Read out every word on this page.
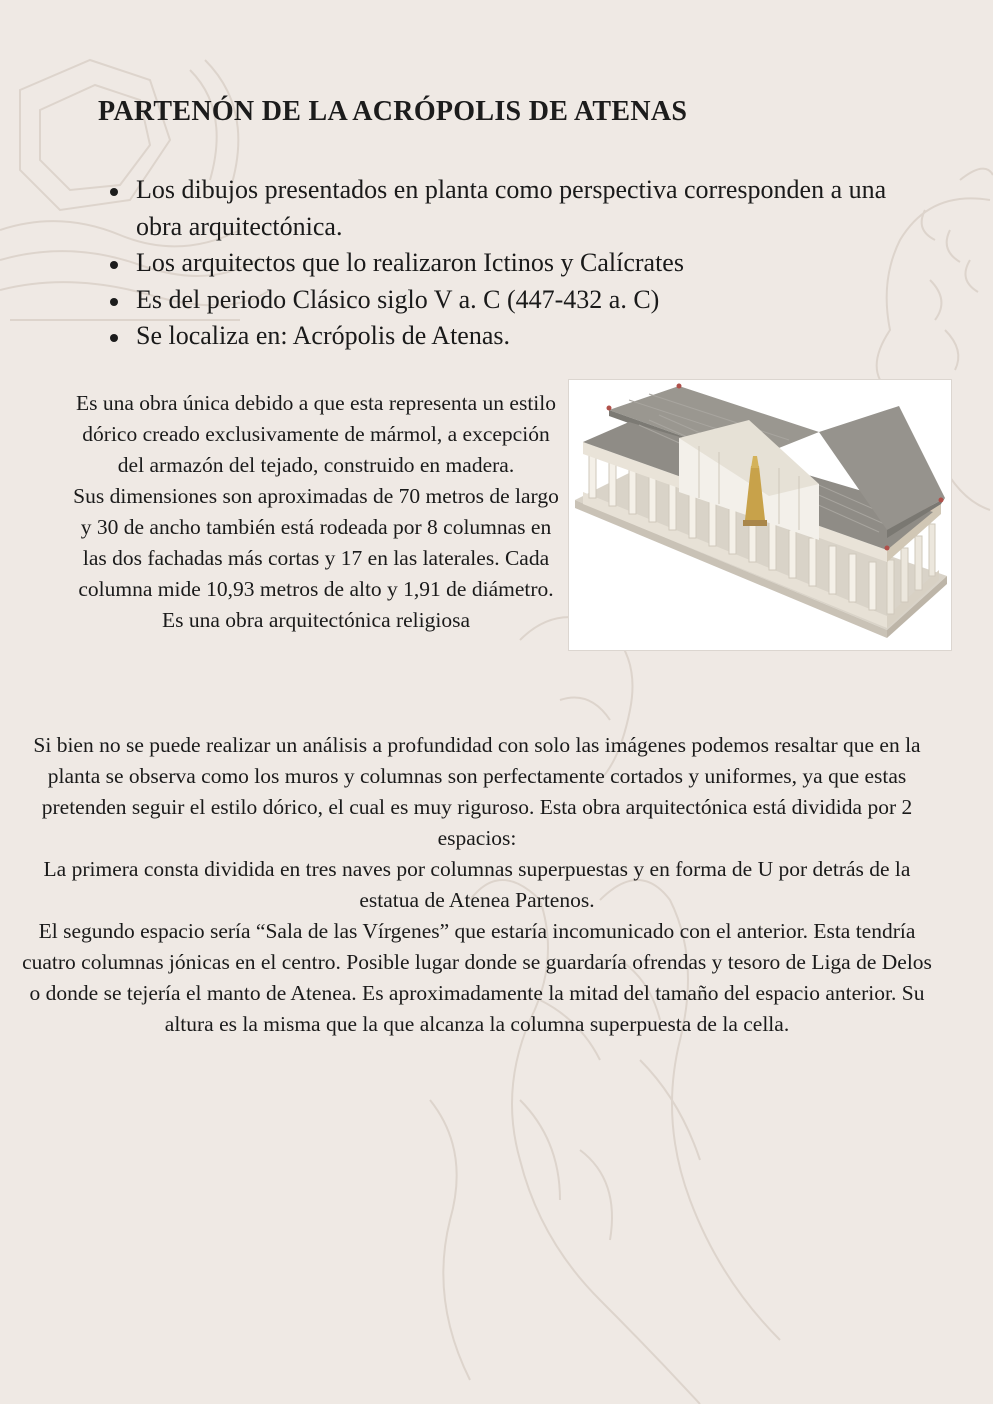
PARTENÓN DE LA ACRÓPOLIS DE ATENAS
Los dibujos presentados en planta como perspectiva corresponden a una obra arquitectónica.
Los arquitectos que lo realizaron Ictinos y Calícrates
Es del periodo Clásico siglo V a. C (447-432 a. C)
Se localiza en: Acrópolis de Atenas.

Es una obra única debido a que esta representa un estilo dórico creado exclusivamente de mármol, a excepción del armazón del tejado, construido en madera.

Sus dimensiones son aproximadas de 70 metros de largo y 30 de ancho también está rodeada por 8 columnas en las dos fachadas más cortas y 17 en las laterales. Cada columna mide 10,93 metros de alto y 1,91 de diámetro.

Es una obra arquitectónica religiosa

Si bien no se puede realizar un análisis a profundidad con solo las imágenes podemos resaltar que en la planta se observa como los muros y columnas son perfectamente cortados y uniformes, ya que estas pretenden seguir el estilo dórico, el cual es muy riguroso. Esta obra arquitectónica está dividida por 2 espacios:

La primera consta dividida en tres naves por columnas superpuestas y en forma de U por detrás de la estatua de Atenea Partenos.

El segundo espacio sería “Sala de las Vírgenes” que estaría incomunicado con el anterior. Esta tendría cuatro columnas jónicas en el centro. Posible lugar donde se guardaría ofrendas y tesoro de Liga de Delos o donde se tejería el manto de Atenea. Es aproximadamente la mitad del tamaño del espacio anterior. Su altura es la misma que la que alcanza la columna superpuesta de la cella.
